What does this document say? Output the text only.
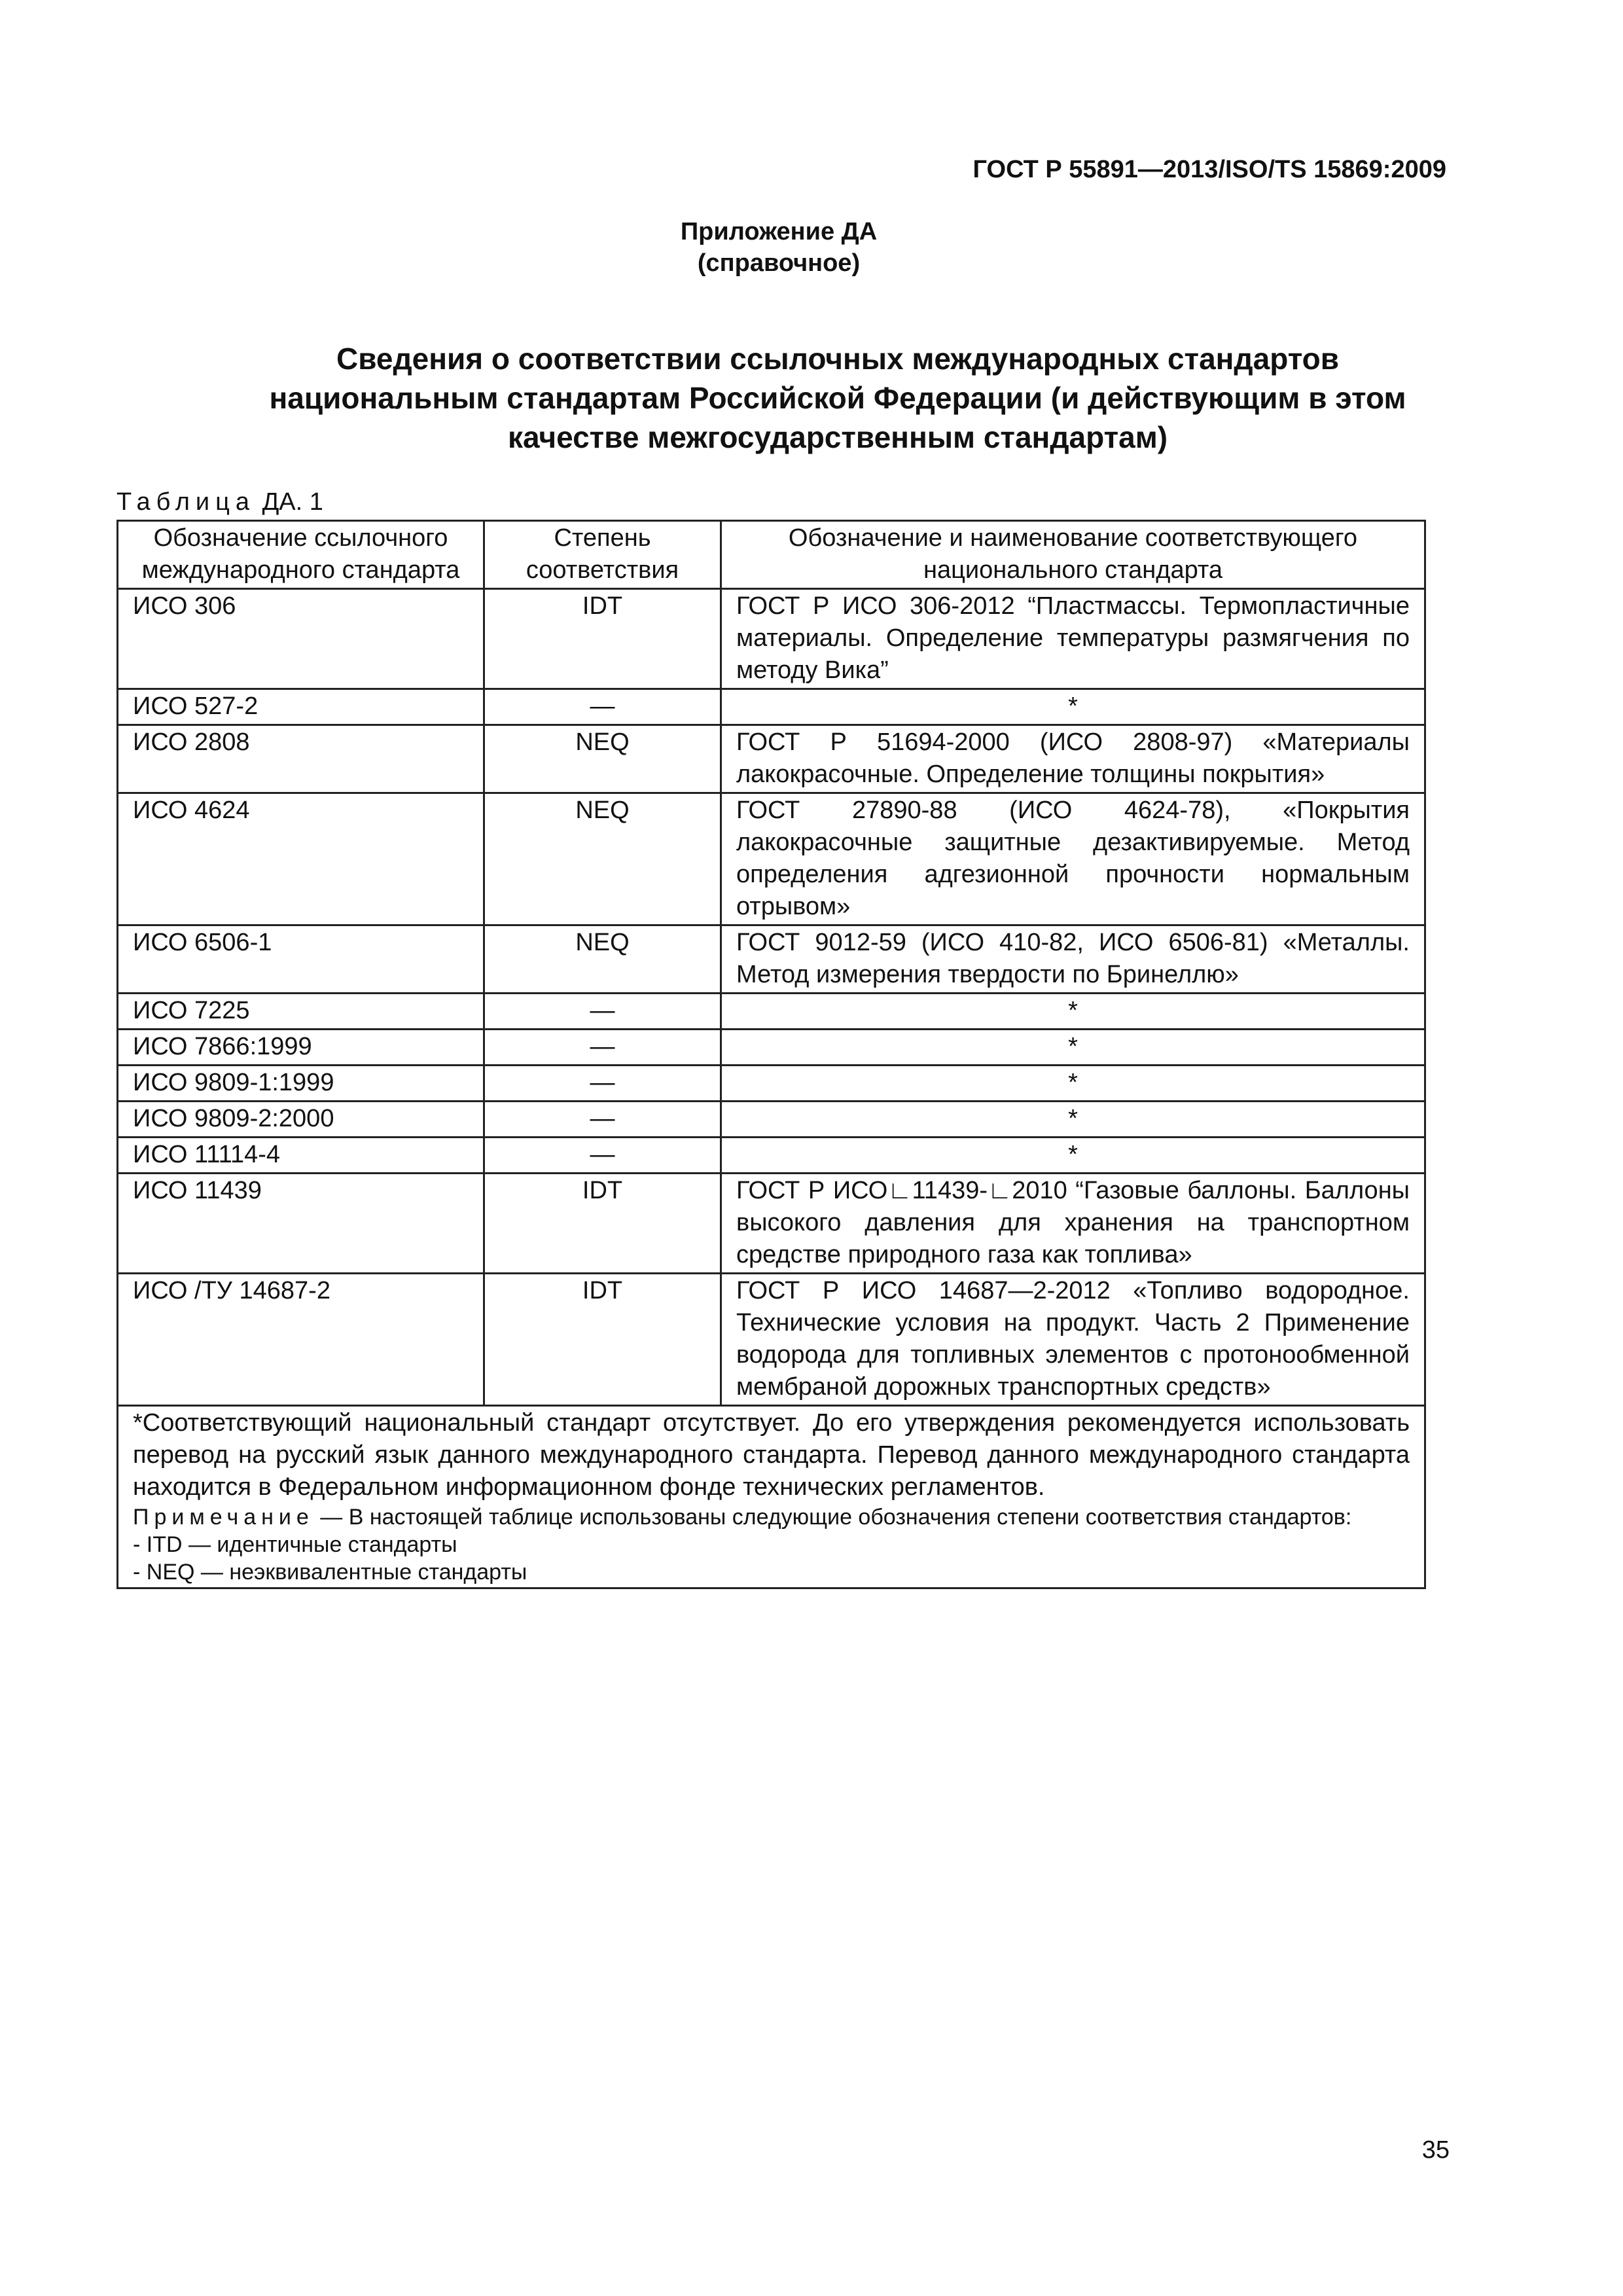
ГОСТ Р 55891—2013/ISO/TS 15869:2009
Приложение ДА
(справочное)
Сведения о соответствии ссылочных международных стандартов
национальным стандартам Российской Федерации (и действующим в этом
качестве межгосударственным стандартам)
Таблица ДА. 1
Обозначение ссылочного международного стандарта	Степень соответствия	Обозначение и наименование соответствующего национального стандарта
ИСО 306	IDT	ГОСТ Р ИСО 306-2012 “Пластмассы. Термопластичные материалы. Определение температуры размягчения по методу Вика”
ИСО 527-2	—	*
ИСО 2808	NEQ	ГОСТ Р 51694-2000 (ИСО 2808-97) «Материалы лакокрасочные. Определение толщины покрытия»
ИСО 4624	NEQ	ГОСТ 27890-88 (ИСО 4624-78), «Покрытия лакокрасочные защитные дезактивируемые. Метод определения адгезионной прочности нормальным отрывом»
ИСО 6506-1	NEQ	ГОСТ 9012-59 (ИСО 410-82, ИСО 6506-81) «Металлы. Метод измерения твердости по Бринеллю»
ИСО 7225	—	*
ИСО 7866:1999	—	*
ИСО 9809-1:1999	—	*
ИСО 9809-2:2000	—	*
ИСО 11114-4	—	*
ИСО 11439	IDT	ГОСТ Р ИСО∟11439-∟2010 “Газовые баллоны. Баллоны высокого давления для хранения на транспортном средстве природного газа как топлива»
ИСО /ТУ 14687-2	IDT	ГОСТ Р ИСО 14687—2-2012 «Топливо водородное. Технические условия на продукт. Часть 2 Применение водорода для топливных элементов с протонообменной мембраной дорожных транспортных средств»

*Соответствующий национальный стандарт отсутствует. До его утверждения рекомендуется использовать перевод на русский язык данного международного стандарта. Перевод данного международного стандарта находится в Федеральном информационном фонде технических регламентов.
Примечание — В настоящей таблице использованы следующие обозначения степени соответствия стандартов:
- ITD — идентичные стандарты
- NEQ — неэквивалентные стандарты		
35
